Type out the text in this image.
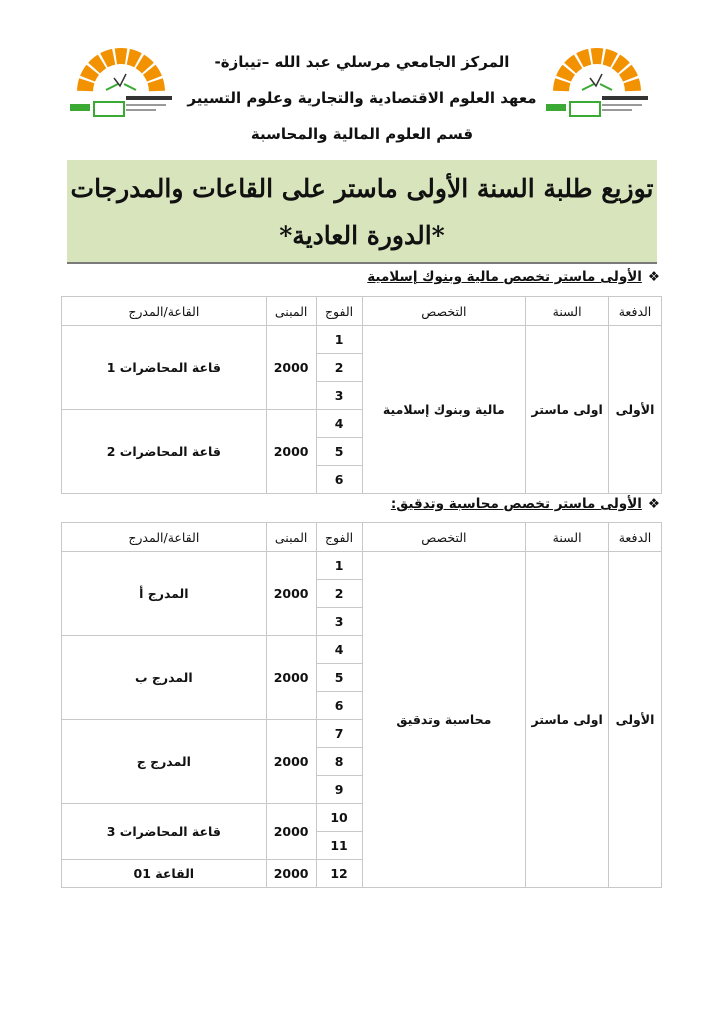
المركز الجامعي مرسلي عبد الله –تيبازة-
معهد العلوم الاقتصادية والتجارية وعلوم التسيير
قسم العلوم المالية والمحاسبة
توزيع طلبة السنة الأولى ماستر على القاعات والمدرجات
*الدورة العادية*
❖الأولى ماستر تخصص مالية وبنوك إسلامية
الدفعة	السنة	التخصص	الفوج	المبنى	القاعة/المدرج
الأولى	اولى ماستر	مالية وبنوك إسلامية	1	2000	قاعة المحاضرات 1
			2		
			3		
			4	2000	قاعة المحاضرات 2
			5		
			6		
❖الأولى ماستر تخصص محاسبة وتدقيق:
الدفعة	السنة	التخصص	الفوج	المبنى	القاعة/المدرج
الأولى	اولى ماستر	محاسبة وتدقيق	1	2000	المدرج أ
			2		
			3		
			4	2000	المدرج ب
			5		
			6		
			7	2000	المدرج ج
			8		
			9		
			10	2000	قاعة المحاضرات 3
			11		
			12	2000	القاعة 01
